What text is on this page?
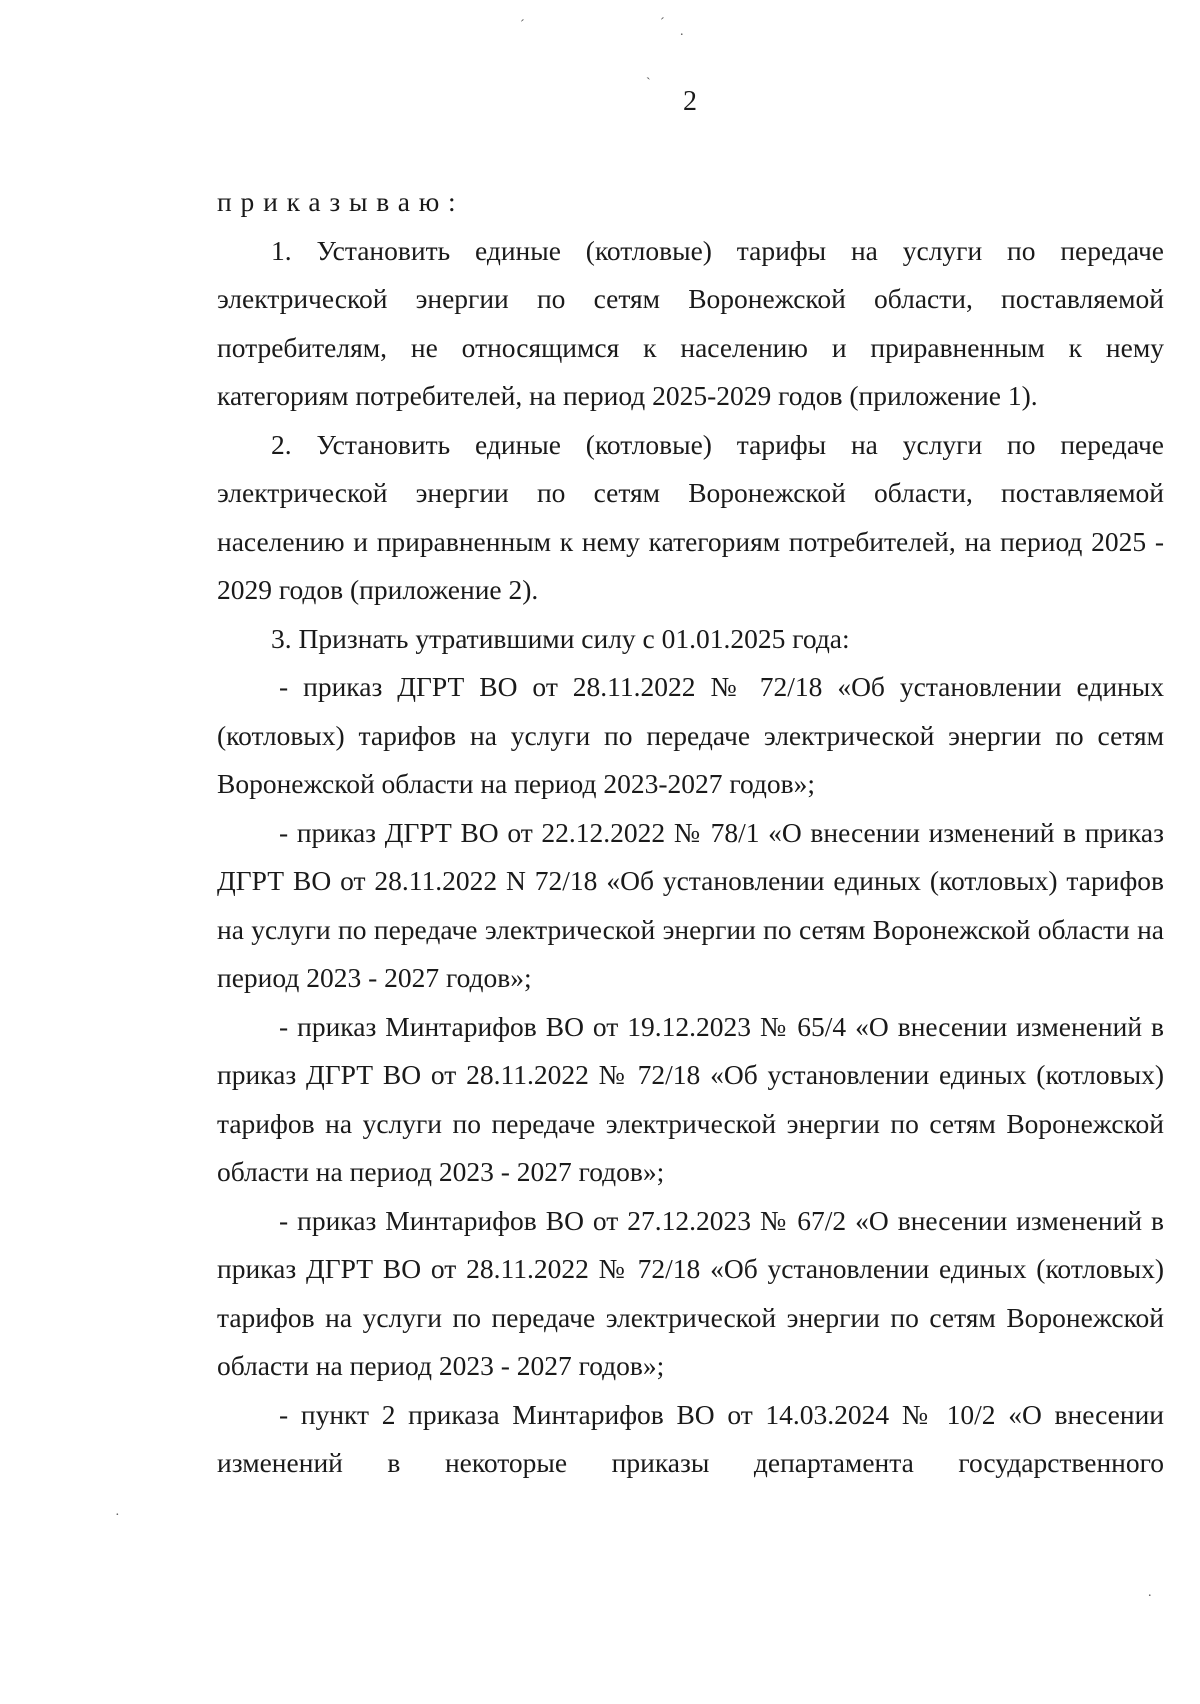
ˊ	ˊ
.
˴
·
.
2

приказываю:

1. Установить единые (котловые) тарифы на услуги по передаче электрической энергии по сетям Воронежской области, поставляемой потребителям, не относящимся к населению и приравненным к нему категориям потребителей, на период 2025-2029 годов (приложение 1).

2. Установить единые (котловые) тарифы на услуги по передаче электрической энергии по сетям Воронежской области, поставляемой населению и приравненным к нему категориям потребителей, на период 2025 - 2029 годов (приложение 2).

3. Признать утратившими силу с 01.01.2025 года:

- приказ ДГРТ ВО от 28.11.2022 № 72/18 «Об установлении единых (котловых) тарифов на услуги по передаче электрической энергии по сетям Воронежской области на период 2023-2027 годов»;

- приказ ДГРТ ВО от 22.12.2022 № 78/1 «О внесении изменений в приказ ДГРТ ВО от 28.11.2022 N 72/18 «Об установлении единых (котловых) тарифов на услуги по передаче электрической энергии по сетям Воронежской области на период 2023 - 2027 годов»;

- приказ Минтарифов ВО от 19.12.2023 № 65/4 «О внесении изменений в приказ ДГРТ ВО от 28.11.2022 № 72/18 «Об установлении единых (котловых) тарифов на услуги по передаче электрической энергии по сетям Воронежской области на период 2023 - 2027 годов»;

- приказ Минтарифов ВО от 27.12.2023 № 67/2 «О внесении изменений в приказ ДГРТ ВО от 28.11.2022 № 72/18 «Об установлении единых (котловых) тарифов на услуги по передаче электрической энергии по сетям Воронежской области на период 2023 - 2027 годов»;

- пункт 2 приказа Минтарифов ВО от 14.03.2024 № 10/2 «О внесении изменений в некоторые приказы департамента государственного
